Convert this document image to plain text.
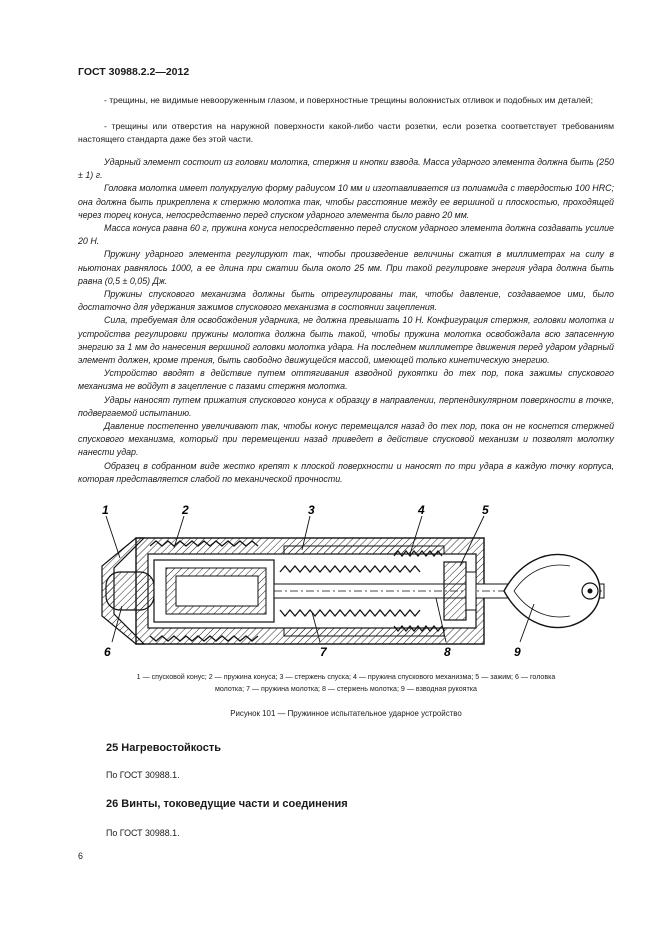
ГОСТ 30988.2.2—2012
- трещины, не видимые невооруженным глазом, и поверхностные трещины волокнистых отливок и подобных им деталей;
- трещины или отверстия на наружной поверхности какой-либо части розетки, если розетка соответствует требованиям настоящего стандарта даже без этой части.

Ударный элемент состоит из головки молотка, стержня и кнопки взвода. Масса ударного элемента должна быть (250 ± 1) г.

Головка молотка имеет полукруглую форму радиусом 10 мм и изготавливается из полиамида с твердостью 100 HRC; она должна быть прикреплена к стержню молотка так, чтобы расстояние между ее вершиной и плоскостью, проходящей через торец конуса, непосредственно перед спуском ударного элемента было равно 20 мм.

Масса конуса равна 60 г, пружина конуса непосредственно перед спуском ударного элемента должна создавать усилие 20 Н.

Пружину ударного элемента регулируют так, чтобы произведение величины сжатия в миллиметрах на силу в ньютонах равнялось 1000, а ее длина при сжатии была около 25 мм. При такой регулировке энергия удара должна быть равна (0,5 ± 0,05) Дж.

Пружины спускового механизма должны быть отрегулированы так, чтобы давление, создаваемое ими, было достаточно для удержания зажимов спускового механизма в состоянии зацепления.

Сила, требуемая для освобождения ударника, не должна превышать 10 Н. Конфигурация стержня, головки молотка и устройства регулировки пружины молотка должна быть такой, чтобы пружина молотка освобождала всю запасенную энергию за 1 мм до нанесения вершиной головки молотка удара. На последнем миллиметре движения перед ударом ударный элемент должен, кроме трения, быть свободно движущейся массой, имеющей только кинетическую энергию.

Устройство вводят в действие путем оттягивания взводной рукоятки до тех пор, пока зажимы спускового механизма не войдут в зацепление с пазами стержня молотка.

Удары наносят путем прижатия спускового конуса к образцу в направлении, перпендикулярном поверхности в точке, подвергаемой испытанию.

Давление постепенно увеличивают так, чтобы конус перемещался назад до тех пор, пока он не коснется стержней спускового механизма, который при перемещении назад приведет в действие спусковой механизм и позволят молотку нанести удар.

Образец в собранном виде жестко крепят к плоской поверхности и наносят по три удара в каждую точку корпуса, которая представляется слабой по механической прочности.

1	2	3	4	5
6	7	8	9
1 — спусковой конус; 2 — пружина конуса; 3 — стержень спуска; 4 — пружина спускового механизма; 5 — зажим; 6 — головка
молотка; 7 — пружина молотка; 8 — стержень молотка; 9 — взводная рукоятка
Рисунок 101 — Пружинное испытательное ударное устройство
25 Нагревостойкость
По ГОСТ 30988.1.
26 Винты, токоведущие части и соединения
По ГОСТ 30988.1.
6
